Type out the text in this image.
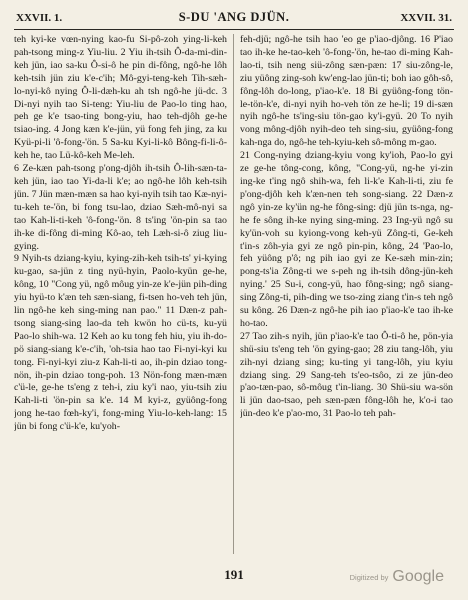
XXVII. 1.	S-DU 'ANG DJÜN.	XXVII. 31.
teh kyi-ke vœn-nying kao-fu Si-pô-zoh ying-li-keh pah-tsong ming-z Yiu-liu. 2 Yiu ih-tsih Ô-da-mi-din-keh jün, iao sa-ku Ô-si-ô he pin di-fông, ngô-he lôh keh-tsih jün ziu k'e-c'ih; Mô-gyi-teng-keh Tih-sæh-lo-nyi-kô nying Ô-li-dæh-ku ah tsh ngô-he jü-dc. 3 Di-nyi nyih tao Si-teng: Yiu-liu de Pao-lo ting hao, peh ge k'e tsao-ting bong-yiu, hao teh-djôh ge-he tsiao-ing. 4 Jong kæn k'e-jün, yü fong feh jing, za ku Kyü-pi-li 'ô-fong-'ön. 5 Sa-ku Kyi-li-kô Bông-fi-li-ô-keh he, tao Lü-kô-keh Me-leh.
6 Ze-kæn pah-tsong p'ong-djôh ih-tsih Ô-lih-sæn-ta-keh jün, iao tao Yi-da-li k'e; ao ngô-he lôh keh-tsih jün. 7 Jün mæn-mæn sa hao kyi-nyih tsih tao Kæ-nyi-tu-keh te-'ön, bi fong tsu-lao, dziao Sæh-mô-nyi sa tao Kah-li-ti-keh 'ô-fong-'ön. 8 ts'ing 'ön-pin sa tao ih-ke di-fông di-ming Kô-ao, teh Læh-si-ô ziug liu-gying.
9 Nyih-ts dziang-kyiu, kying-zih-keh tsih-ts' yi-kying ku-gao, sa-jün z ting nyü-hyin, Paolo-kyün ge-he, kông, 10 "Cong yü, ngô môug yin-ze k'e-jün pih-ding yiu hyü-to k'æn teh sæn-siang, fi-tsen ho-veh teh jün, lin ngô-he keh sing-ming nan pao." 11 Dæn-z pah-tsong siang-sing lao-da teh kwön ho cü-ts, ku-yü Pao-lo shih-wa. 12 Keh ao ku tong feh hiu, yiu ih-do-pö siang-siang k'e-c'ih, 'oh-tsia hao tao Fi-nyi-kyi ku tong. Fi-nyi-kyi ziu-z Kah-li-ti ao, ih-pin dziao tong-nön, ih-pin dziao tong-poh. 13 Nön-fong mæn-mæn c'ü-le, ge-he ts'eng z teh-i, ziu ky'i nao, yiu-tsih ziu Kah-li-ti 'ön-pin sa k'e. 14 M kyi-z, gyüông-fong jong he-tao fœh-ky'i, fong-ming Yiu-lo-keh-lang: 15 jün bi fong c'ü-k'e, ku'yoh-
feh-djü; ngô-he tsih hao 'eo ge p'iao-djông. 16 P'iao tao ih-ke he-tao-keh 'ô-fong-'ön, he-tao di-ming Kah-lao-ti, tsih neng siü-zông sæn-pæn: 17 siu-zông-le, ziu yüông zing-soh kw'eng-lao jün-ti; boh iao gôh-sô, fông-lôh do-long, p'iao-k'e. 18 Bi gyüông-fong tön-le-tön-k'e, di-nyi nyih ho-veh tön ze he-li; 19 di-sæn nyih ngô-he ts'ing-siu tön-gao ky'i-gyü. 20 To nyih vong mông-djôh nyih-deo teh sing-siu, gyüông-fong kah-nga do, ngô-he teh-kyiu-keh sô-mông m-gao.
21 Cong-nying dziang-kyiu vong ky'ioh, Pao-lo gyi ze ge-he tông-cong, kông, "Cong-yü, ng-he yi-zin ing-ke t'ing ngô shih-wa, feh li-k'e Kah-li-ti, ziu fe p'ong-djôh keh k'æn-nen teh song-siang. 22 Dæn-z ngô yin-ze ky'ün ng-he fông-sing: djü jün ts-nga, ng-he fe sông ih-ke nying sing-ming. 23 Ing-yü ngô su ky'ün-voh su kyiong-vong keh-yü Zông-ti, Ge-keh t'in-s zôh-yia gyi ze ngô pin-pin, kông, 24 'Pao-lo, feh yüông p'ô; ng pih iao gyi ze Ke-sæh min-zin; pong-ts'ia Zông-ti we s-peh ng ih-tsih dông-jün-keh nying.' 25 Su-i, cong-yü, hao fông-sing; ngô siang-sing Zông-ti, pih-ding we tso-zing ziang t'in-s teh ngô su kông. 26 Dæn-z ngô-he pih iao p'iao-k'e tao ih-ke ho-tao.
27 Tao zih-s nyih, jün p'iao-k'e tao Ô-ti-ô he, pön-yia shü-siu ts'eng teh 'ön gying-gao; 28 ziu tang-lôh, yiu zih-nyi dziang sing; ku-ting yi tang-lôh, yiu kyiu dziang sing. 29 Sang-teh ts'eo-tsôo, zi ze jün-deo p'ao-tæn-pao, sô-môug t'in-liang. 30 Shü-siu wa-sön li jün dao-tsao, peh sæn-pæn fông-lôh he, k'o-i tao jün-deo k'e p'ao-mo, 31 Pao-lo teh pah-
191	Digitized by Google
